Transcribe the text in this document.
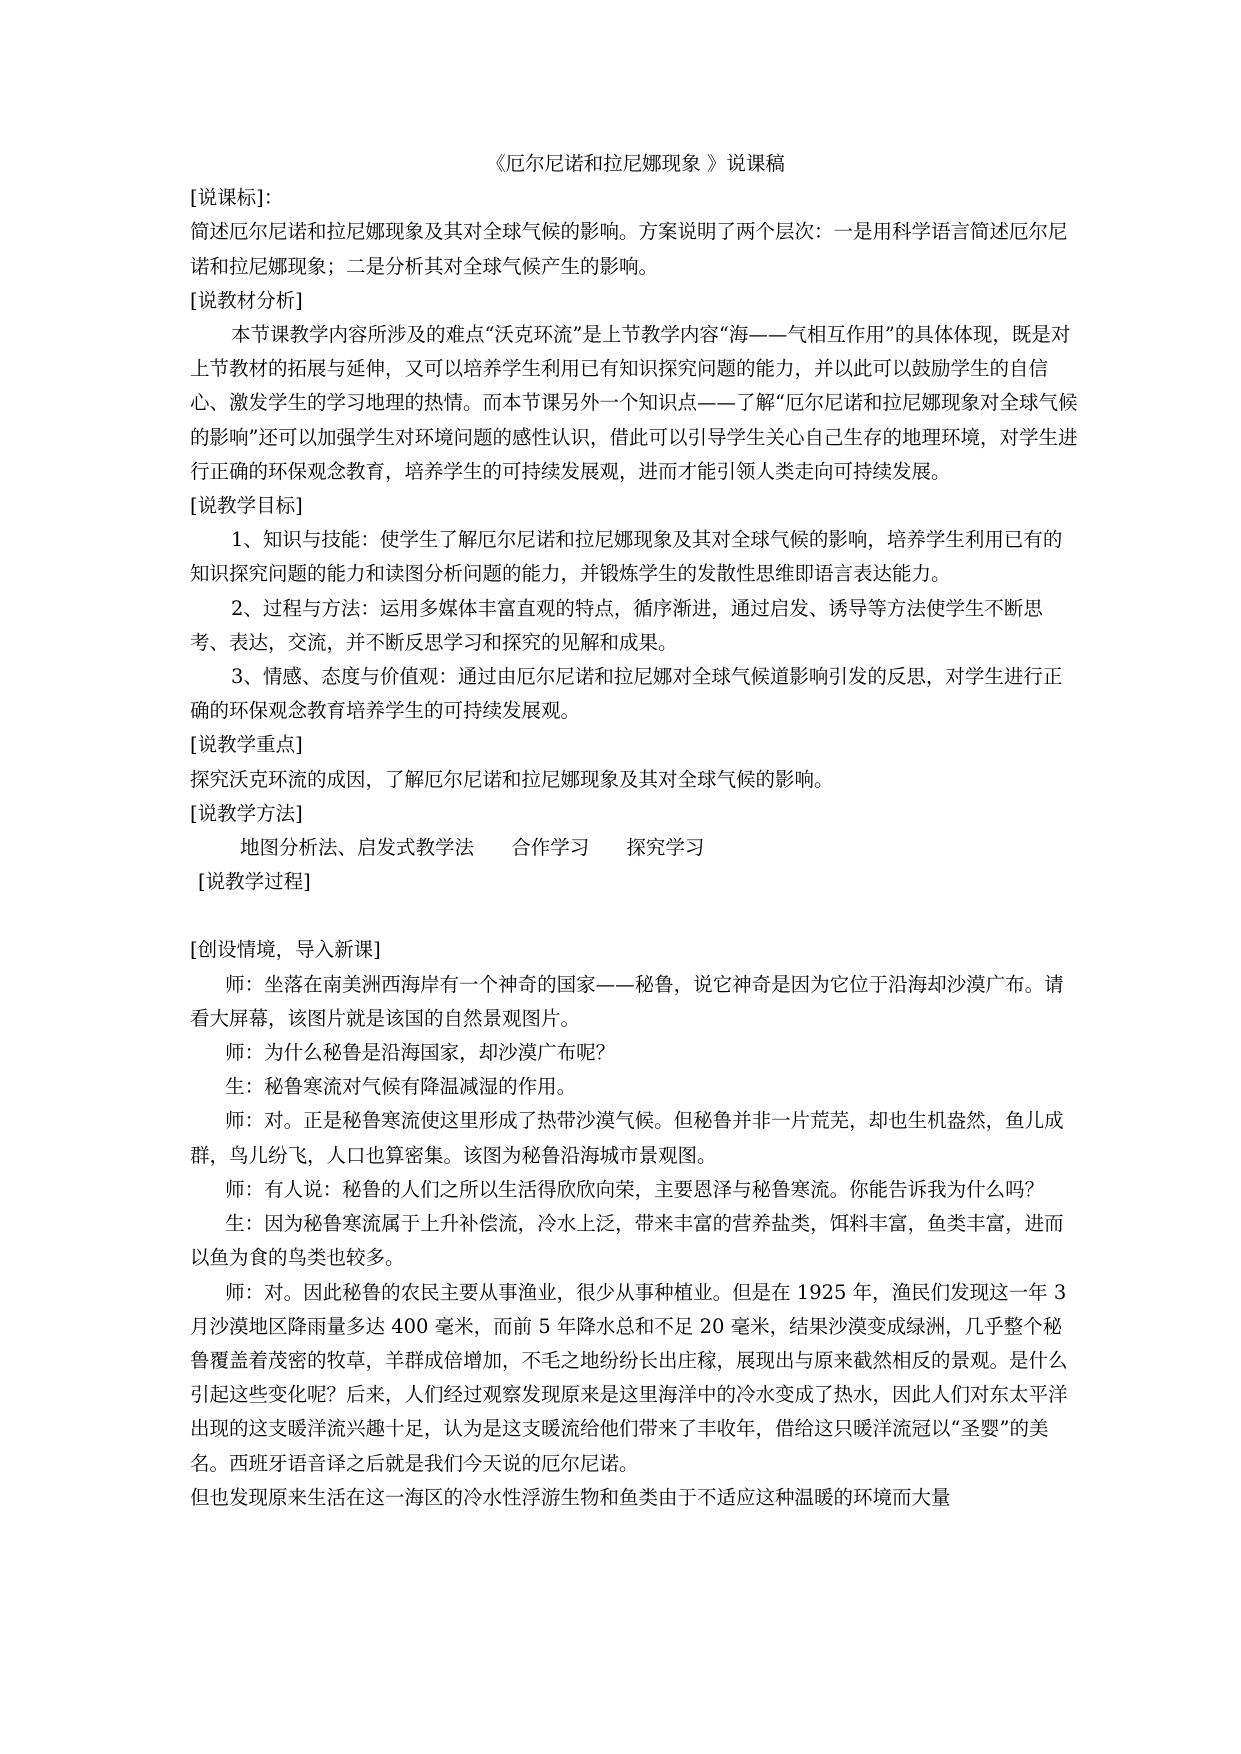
《厄尔尼诺和拉尼娜现象 》说课稿
[说课标]：
简述厄尔尼诺和拉尼娜现象及其对全球气候的影响。方案说明了两个层次：一是用科学语言简述厄尔尼诺和拉尼娜现象；二是分析其对全球气候产生的影响。
[说教材分析]
本节课教学内容所涉及的难点“沃克环流”是上节教学内容“海——气相互作用”的具体体现，既是对上节教材的拓展与延伸，又可以培养学生利用已有知识探究问题的能力，并以此可以鼓励学生的自信心、激发学生的学习地理的热情。而本节课另外一个知识点——了解“厄尔尼诺和拉尼娜现象对全球气候的影响”还可以加强学生对环境问题的感性认识，借此可以引导学生关心自己生存的地理环境，对学生进行正确的环保观念教育，培养学生的可持续发展观，进而才能引领人类走向可持续发展。
[说教学目标]
1、知识与技能：使学生了解厄尔尼诺和拉尼娜现象及其对全球气候的影响，培养学生利用已有的知识探究问题的能力和读图分析问题的能力，并锻炼学生的发散性思维即语言表达能力。
2、过程与方法：运用多媒体丰富直观的特点，循序渐进，通过启发、诱导等方法使学生不断思考、表达，交流，并不断反思学习和探究的见解和成果。
3、情感、态度与价值观：通过由厄尔尼诺和拉尼娜对全球气候道影响引发的反思，对学生进行正确的环保观念教育培养学生的可持续发展观。
[说教学重点]
探究沃克环流的成因，了解厄尔尼诺和拉尼娜现象及其对全球气候的影响。
[说教学方法]
地图分析法、启发式教学法      合作学习      探究学习
[说教学过程]
[创设情境，导入新课]
师：坐落在南美洲西海岸有一个神奇的国家——秘鲁，说它神奇是因为它位于沿海却沙漠广布。请看大屏幕，该图片就是该国的自然景观图片。
师：为什么秘鲁是沿海国家，却沙漠广布呢？
生：秘鲁寒流对气候有降温减湿的作用。
师：对。正是秘鲁寒流使这里形成了热带沙漠气候。但秘鲁并非一片荒芜，却也生机盎然，鱼儿成群，鸟儿纷飞，人口也算密集。该图为秘鲁沿海城市景观图。
师：有人说：秘鲁的人们之所以生活得欣欣向荣，主要恩泽与秘鲁寒流。你能告诉我为什么吗？
生：因为秘鲁寒流属于上升补偿流，冷水上泛，带来丰富的营养盐类，饵料丰富，鱼类丰富，进而以鱼为食的鸟类也较多。
师：对。因此秘鲁的农民主要从事渔业，很少从事种植业。但是在 1925 年，渔民们发现这一年 3 月沙漠地区降雨量多达 400 毫米，而前 5 年降水总和不足 20 毫米，结果沙漠变成绿洲，几乎整个秘鲁覆盖着茂密的牧草，羊群成倍增加，不毛之地纷纷长出庄稼，展现出与原来截然相反的景观。是什么引起这些变化呢？后来，人们经过观察发现原来是这里海洋中的冷水变成了热水，因此人们对东太平洋出现的这支暖洋流兴趣十足，认为是这支暖流给他们带来了丰收年，借给这只暖洋流冠以“圣婴”的美名。西班牙语音译之后就是我们今天说的厄尔尼诺。
但也发现原来生活在这一海区的冷水性浮游生物和鱼类由于不适应这种温暖的环境而大量
